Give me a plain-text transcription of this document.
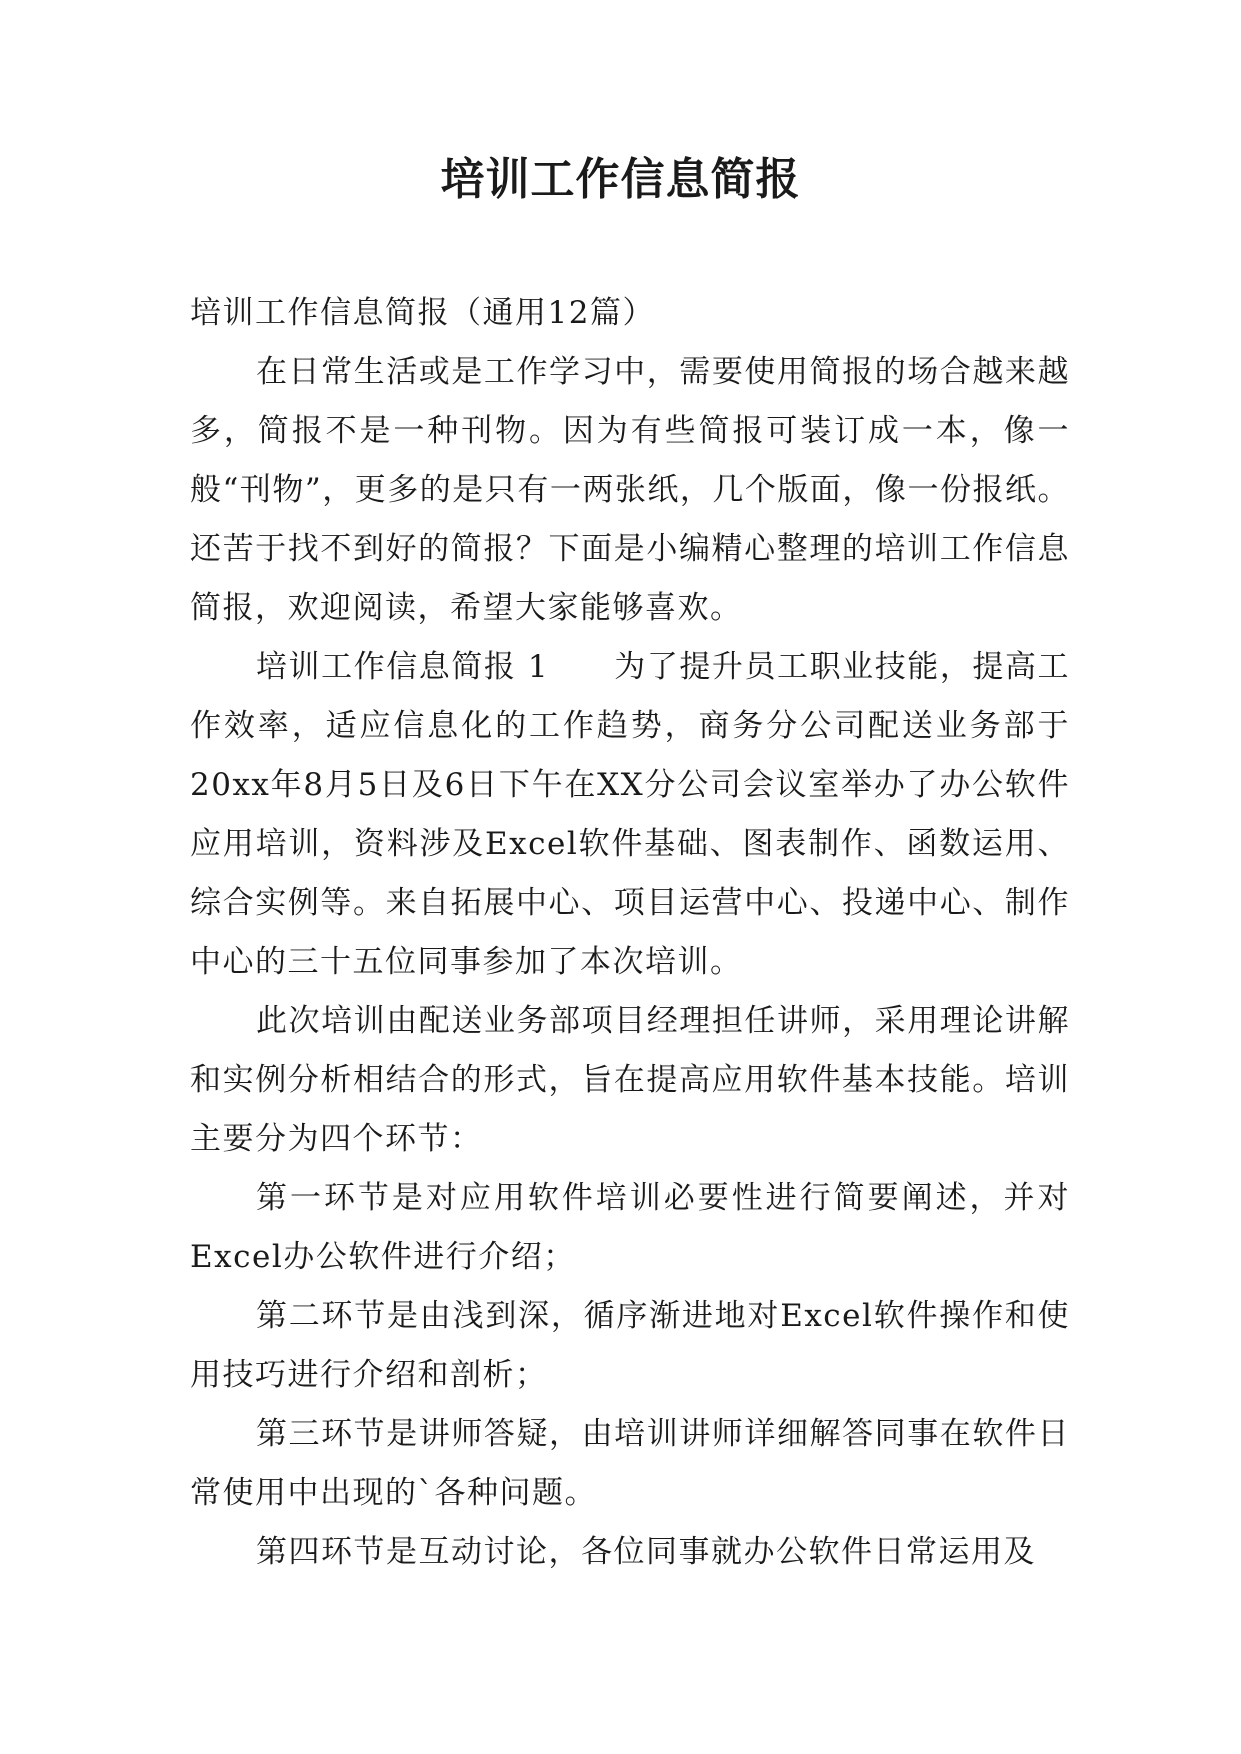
培训工作信息简报

培训工作信息简报（通用12篇）

在日常生活或是工作学习中，需要使用简报的场合越来越多，简报不是一种刊物。因为有些简报可装订成一本，像一般“刊物”，更多的是只有一两张纸，几个版面，像一份报纸。还苦于找不到好的简报？下面是小编精心整理的培训工作信息简报，欢迎阅读，希望大家能够喜欢。

培训工作信息简报 1　　为了提升员工职业技能，提高工作效率，适应信息化的工作趋势，商务分公司配送业务部于20xx年8月5日及6日下午在XX分公司会议室举办了办公软件应用培训，资料涉及Excel软件基础、图表制作、函数运用、综合实例等。来自拓展中心、项目运营中心、投递中心、制作中心的三十五位同事参加了本次培训。

此次培训由配送业务部项目经理担任讲师，采用理论讲解和实例分析相结合的形式，旨在提高应用软件基本技能。培训主要分为四个环节：

第一环节是对应用软件培训必要性进行简要阐述，并对Excel办公软件进行介绍；

第二环节是由浅到深，循序渐进地对Excel软件操作和使用技巧进行介绍和剖析；

第三环节是讲师答疑，由培训讲师详细解答同事在软件日常使用中出现的`各种问题。

第四环节是互动讨论，各位同事就办公软件日常运用及
